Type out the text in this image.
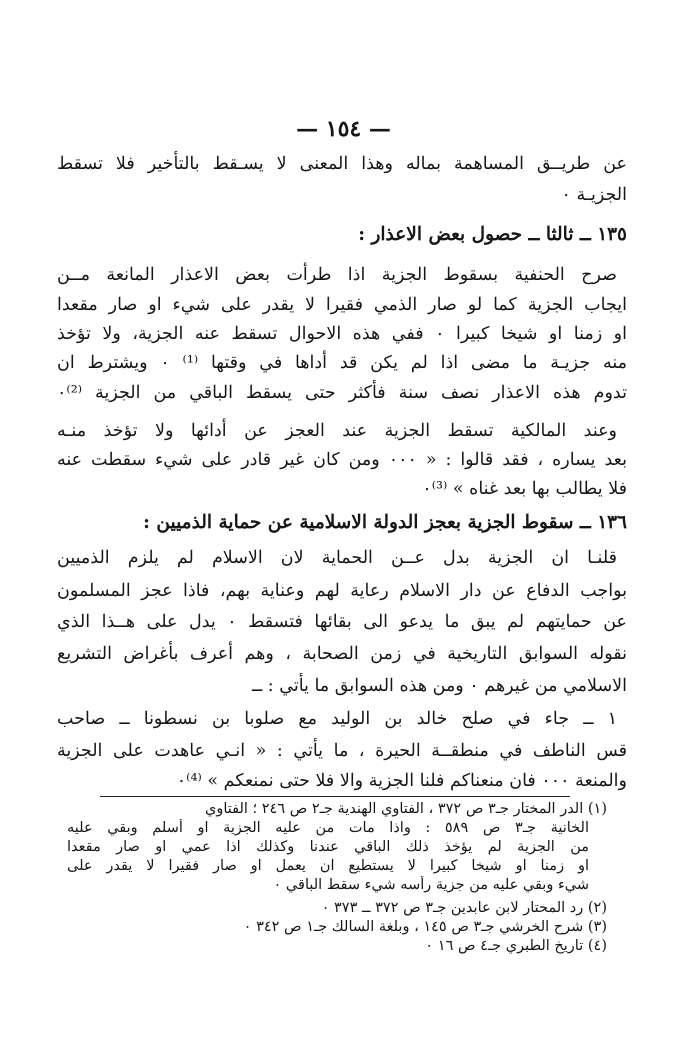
— ١٥٤ —
عن طريــق المساهمة بماله وهذا المعنى لا يسـقط بالتأخير فلا تسقط
الجزيـة ٠
١٣٥ ــ ثالثا ــ حصول بعض الاعذار :
صرح الحنفية بسقوط الجزية اذا طرأت بعض الاعذار المانعة مــن
ايجاب الجزية كما لو صار الذمي فقيرا لا يقدر على شيء او صار مقعدا
او زمنا او شيخا كبيرا ٠ ففي هذه الاحوال تسقط عنه الجزية، ولا تؤخذ
منه جزيـة ما مضى اذا لم يكن قد أداها في وقتها ⁽¹⁾ ٠ ويشترط ان
تدوم هذه الاعذار نصف سنة فأكثر حتى يسقط الباقي من الجزية ⁽²⁾٠
وعند المالكية تسقط الجزية عند العجز عن أدائها ولا تؤخذ منـه
بعد يساره ، فقد قالوا : « ٠٠٠ ومن كان غير قادر على شيء سقطت عنه
فلا يطالب بها بعد غناه » ⁽³⁾٠
١٣٦ ــ سقوط الجزية بعجز الدولة الاسلامية عن حماية الذميين :
قلنـا ان الجزية بدل عــن الحماية لان الاسلام لم يلزم الذميين
بواجب الدفاع عن دار الاسلام رعاية لهم وعناية بهم، فاذا عجز المسلمون
عن حمايتهم لم يبق ما يدعو الى بقائها فتسقط ٠ يدل على هــذا الذي
نقوله السوابق التاريخية في زمن الصحابة ، وهم أعرف بأغراض التشريع
الاسلامي من غيرهم ٠ ومن هذه السوابق ما يأتي : ــ
١ ــ جاء في صلح خالد بن الوليد مع صلوبا بن نسطونا ــ صاحب
قس الناطف في منطقــة الحيرة ، ما يأتي : « انـي عاهدت على الجزية
والمنعة ٠٠٠ فان منعناكم فلنا الجزية والا فلا حتى نمنعكم » ⁽⁴⁾٠
(١) الدر المختار جـ٣ ص ٣٧٢ ، الفتاوي الهندية جـ٢ ص ٢٤٦ ؛ الفتاوي
الخانية جـ٣ ص ٥٨٩ : واذا مات من عليه الجزية او أسلم وبقي عليه
من الجزية لم يؤخذ ذلك الباقي عندنا وكذلك اذا عمي او صار مقعدا
او زمنا او شيخا كبيرا لا يستطيع ان يعمل او صار فقيرا لا يقدر على
شيء وبقي عليه من جزية رأسه شيء سقط الباقي ٠
(٢) رد المحتار لابن عابدين جـ٣ ص ٣٧٢ ــ ٣٧٣ ٠
(٣) شرح الخرشي جـ٣ ص ١٤٥ ، وبلغة السالك جـ١ ص ٣٤٢ ٠
(٤) تاريخ الطبري جـ٤ ص ١٦ ٠
